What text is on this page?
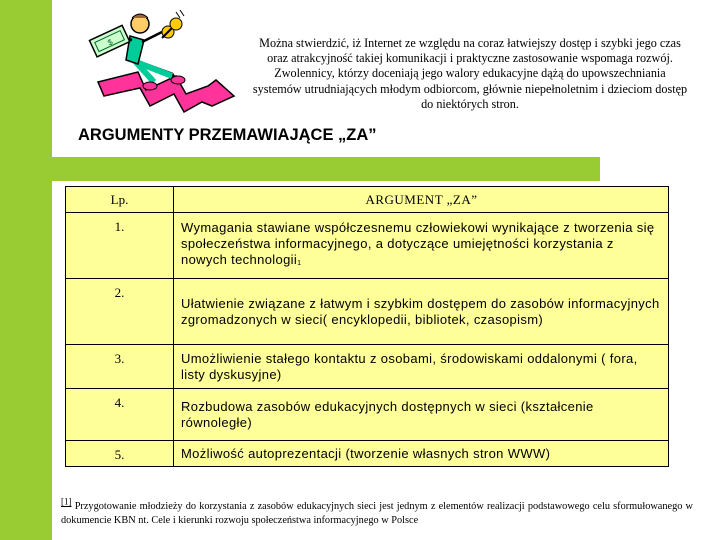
$	Można stwierdzić, iż Internet ze względu na coraz łatwiejszy dostęp i szybki jego czas oraz atrakcyjność takiej komunikacji i praktyczne zastosowanie wspomaga rozwój. Zwolennicy, którzy doceniają jego walory edukacyjne dążą do upowszechniania systemów utrudniających młodym odbiorcom, głównie niepełnoletnim i dzieciom dostęp do niektórych stron.
ARGUMENTY PRZEMAWIAJĄCE „ZA”
Lp.	ARGUMENT „ZA”
1.	Wymagania stawiane współczesnemu człowiekowi wynikające z tworzenia się społeczeństwa informacyjnego, a dotyczące umiejętności korzystania z nowych technologii1
2.	Ułatwienie związane z łatwym i szybkim dostępem do zasobów informacyjnych zgromadzonych w sieci( encyklopedii, bibliotek, czasopism)
3.	Umożliwienie stałego kontaktu z osobami, środowiskami oddalonymi ( fora, listy dyskusyjne)
4.	Rozbudowa zasobów edukacyjnych dostępnych w sieci (kształcenie równoległe)
5.	Możliwość autoprezentacji (tworzenie własnych stron WWW)
[1] Przygotowanie młodzieży do korzystania z zasobów edukacyjnych sieci jest jednym z elementów realizacji podstawowego celu sformułowanego w dokumencie KBN nt. Cele i kierunki rozwoju społeczeństwa informacyjnego w Polsce
